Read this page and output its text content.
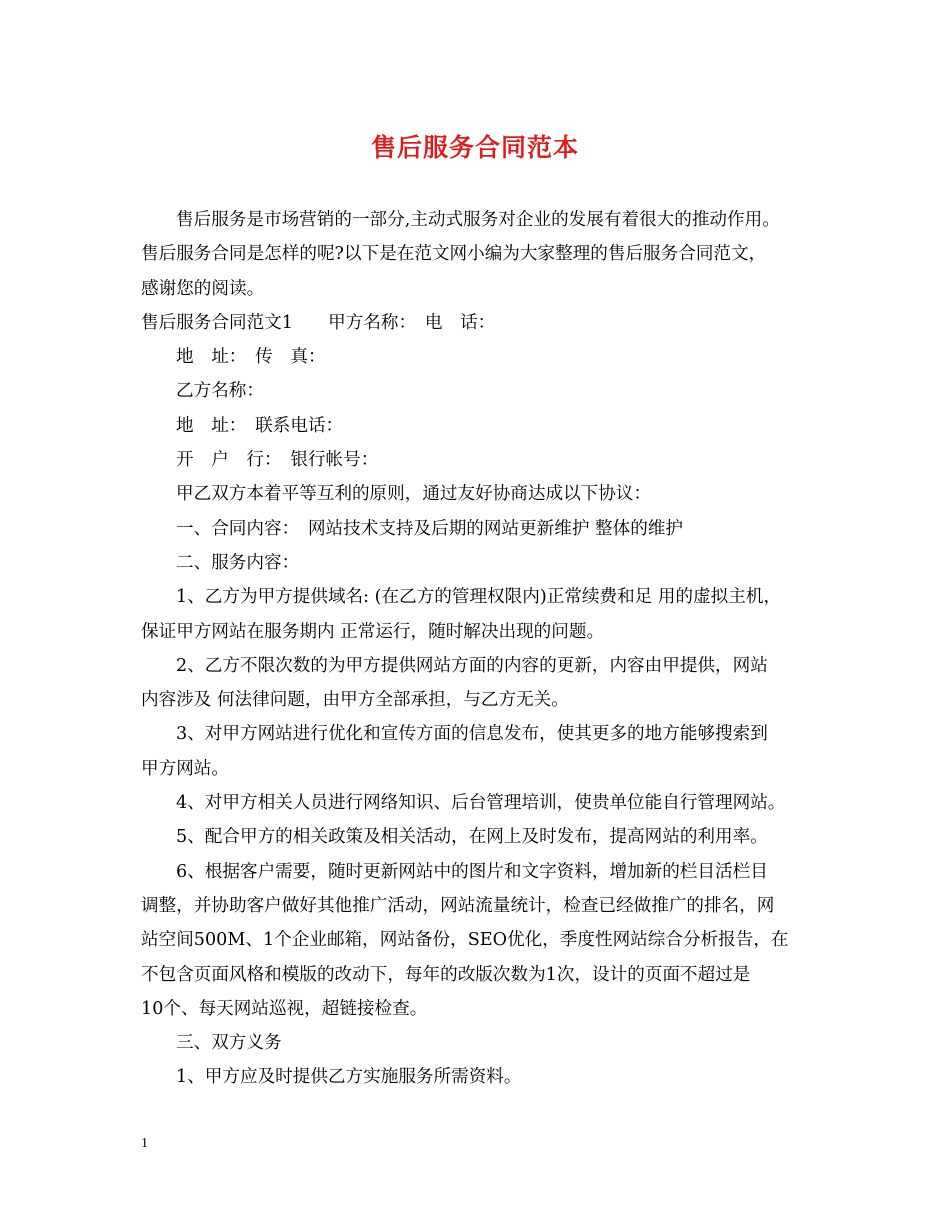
售后服务合同范本
售后服务是市场营销的一部分,主动式服务对企业的发展有着很大的推动作用。
售后服务合同是怎样的呢?以下是在范文网小编为大家整理的售后服务合同范文，
感谢您的阅读。
售后服务合同范文1　　甲方名称：　电　话：
地　址：　传　真：
乙方名称：
地　址：　联系电话：
开　户　行：　银行帐号：
甲乙双方本着平等互利的原则，通过友好协商达成以下协议：
一、合同内容：　网站技术支持及后期的网站更新维护 整体的维护
二、服务内容：
1、乙方为甲方提供域名: (在乙方的管理权限内)正常续费和足 用的虚拟主机，
保证甲方网站在服务期内 正常运行，随时解决出现的问题。
2、乙方不限次数的为甲方提供网站方面的内容的更新，内容由甲提供，网站
内容涉及 何法律问题，由甲方全部承担，与乙方无关。
3、对甲方网站进行优化和宣传方面的信息发布，使其更多的地方能够搜索到
甲方网站。
4、对甲方相关人员进行网络知识、后台管理培训，使贵单位能自行管理网站。
5、配合甲方的相关政策及相关活动，在网上及时发布，提高网站的利用率。
6、根据客户需要，随时更新网站中的图片和文字资料，增加新的栏目活栏目
调整，并协助客户做好其他推广活动，网站流量统计，检查已经做推广的排名，网
站空间500M、1个企业邮箱，网站备份，SEO优化，季度性网站综合分析报告，在
不包含页面风格和模版的改动下，每年的改版次数为1次，设计的页面不超过是
10个、每天网站巡视，超链接检查。
三、双方义务
1、甲方应及时提供乙方实施服务所需资料。
1
